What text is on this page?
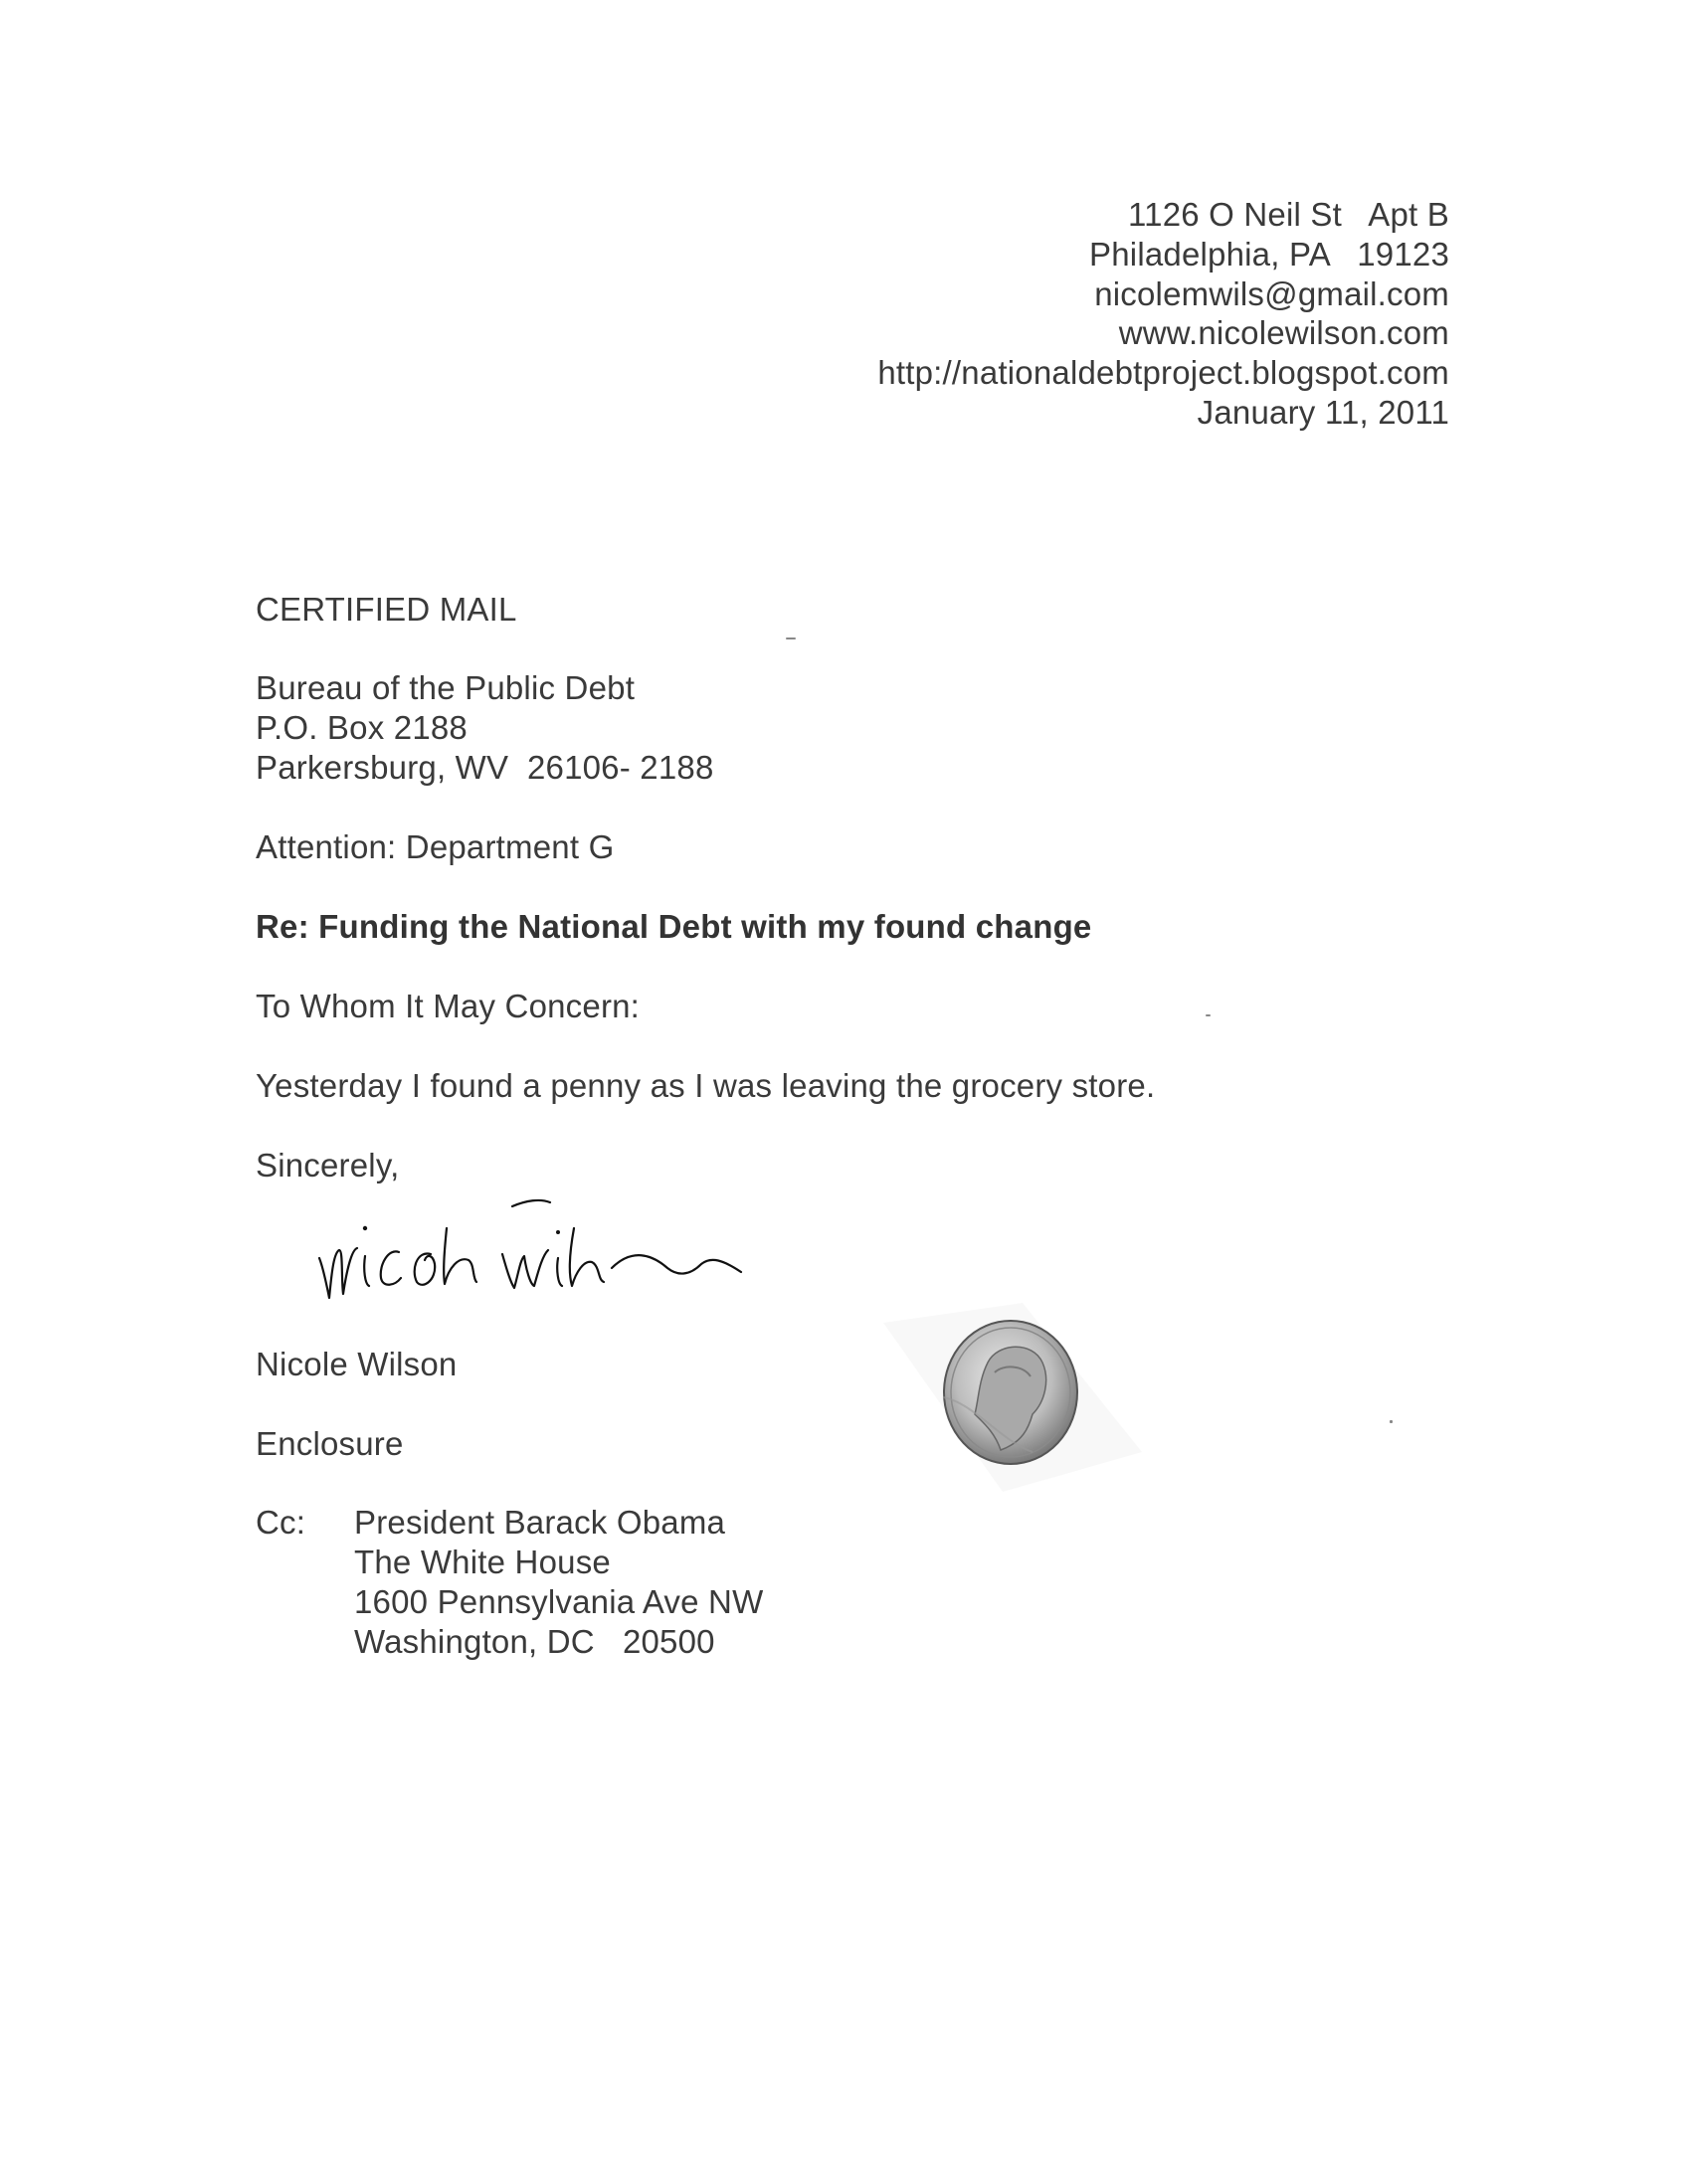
1126 O Neil St   Apt B
Philadelphia, PA   19123
nicolemwils@gmail.com
www.nicolewilson.com
http://nationaldebtproject.blogspot.com
January 11, 2011
CERTIFIED MAIL
Bureau of the Public Debt
P.O. Box 2188
Parkersburg, WV  26106- 2188
Attention: Department G
Re: Funding the National Debt with my found change
To Whom It May Concern:
Yesterday I found a penny as I was leaving the grocery store.
Sincerely,
Nicole Wilson
Enclosure
Cc: President Barack Obama
The White House
1600 Pennsylvania Ave NW
Washington, DC   20500
